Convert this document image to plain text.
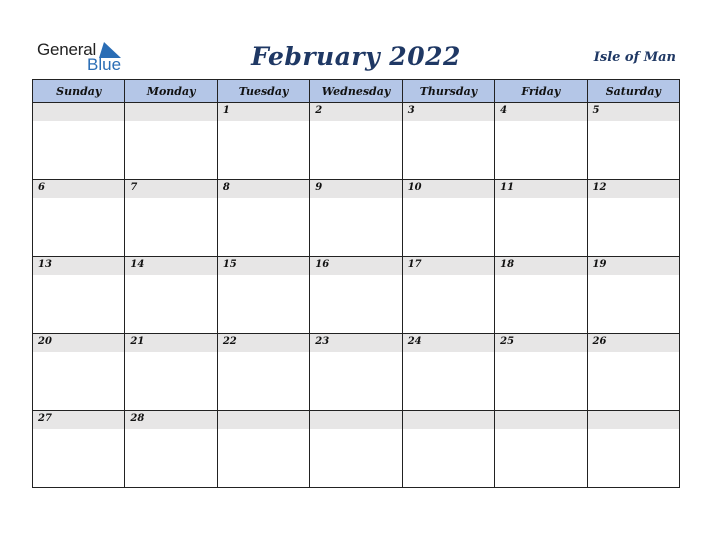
General
Blue	February 2022	Isle of Man
Sunday	Monday	Tuesday	Wednesday	Thursday	Friday	Saturday

		1	2	3	4	5

6	7	8	9	10	11	12

13	14	15	16	17	18	19

20	21	22	23	24	25	26

27	28					
